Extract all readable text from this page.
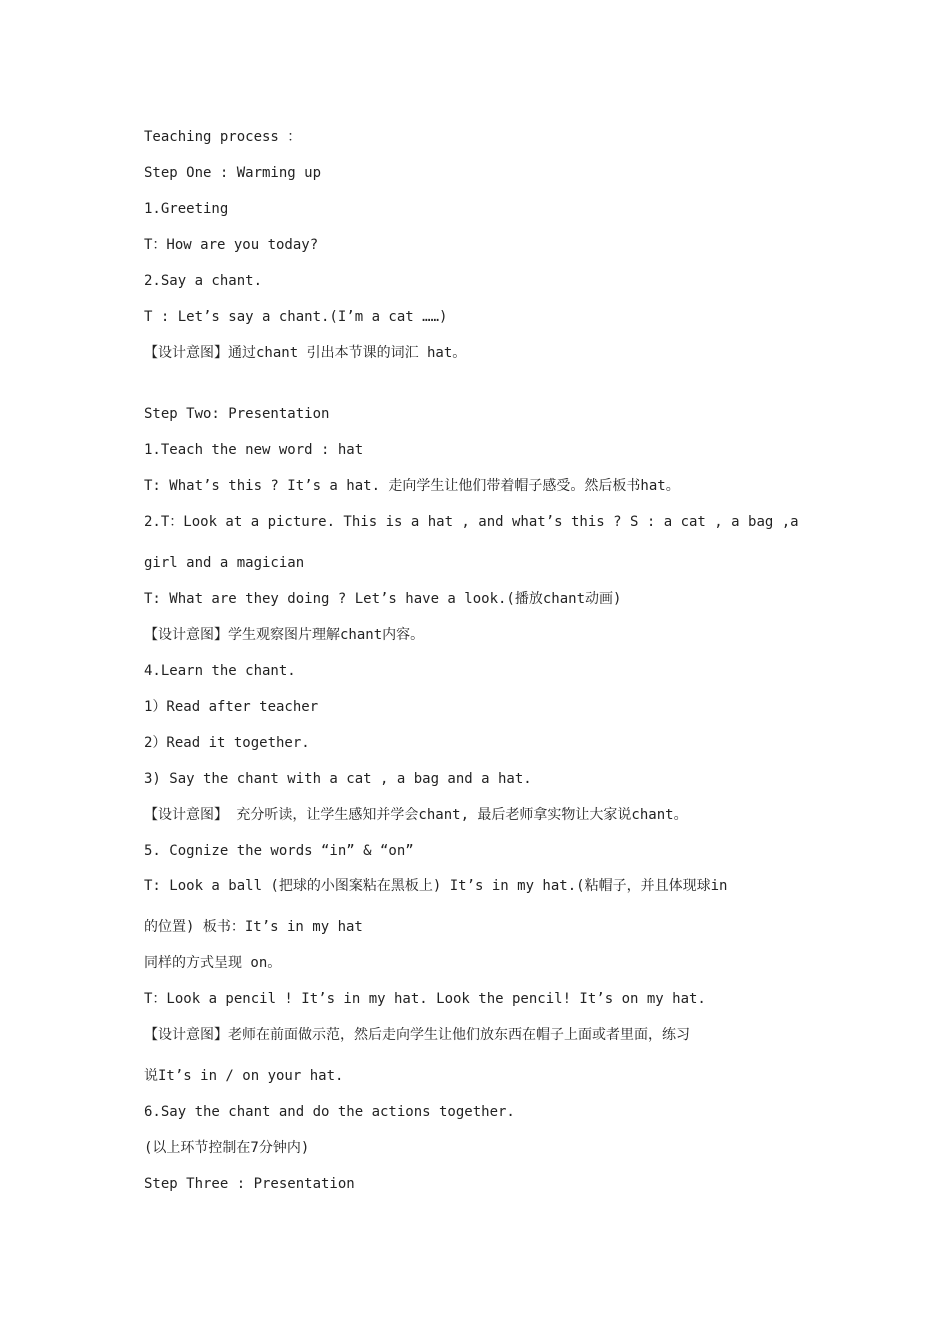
Teaching process ：
Step One : Warming up
1.Greeting
T：How are you today?
2.Say a chant.
T : Let’s say a chant.(I’m a cat ……)
【设计意图】通过chant 引出本节课的词汇 hat。
Step Two: Presentation
1.Teach the new word : hat
T: What’s this ? It’s a hat. 走向学生让他们带着帽子感受。然后板书hat。
2.T：Look at a picture. This is a hat , and what’s this ? S : a cat , a bag ,a
girl and a magician
T: What are they doing ? Let’s have a look.(播放chant动画)
【设计意图】学生观察图片理解chant内容。
4.Learn the chant.
1）Read after teacher
2）Read it together.
3) Say the chant with a cat , a bag and a hat.
【设计意图】 充分听读，让学生感知并学会chant, 最后老师拿实物让大家说chant。
5. Cognize the words “in” & “on”
T: Look a ball (把球的小图案粘在黑板上) It’s in my hat.(粘帽子，并且体现球in
的位置) 板书：It’s in my hat
同样的方式呈现 on。
T：Look a pencil ! It’s in my hat. Look the pencil! It’s on my hat.
【设计意图】老师在前面做示范，然后走向学生让他们放东西在帽子上面或者里面，练习
说It’s in / on your hat.
6.Say the chant and do the actions together.
(以上环节控制在7分钟内)
Step Three : Presentation
